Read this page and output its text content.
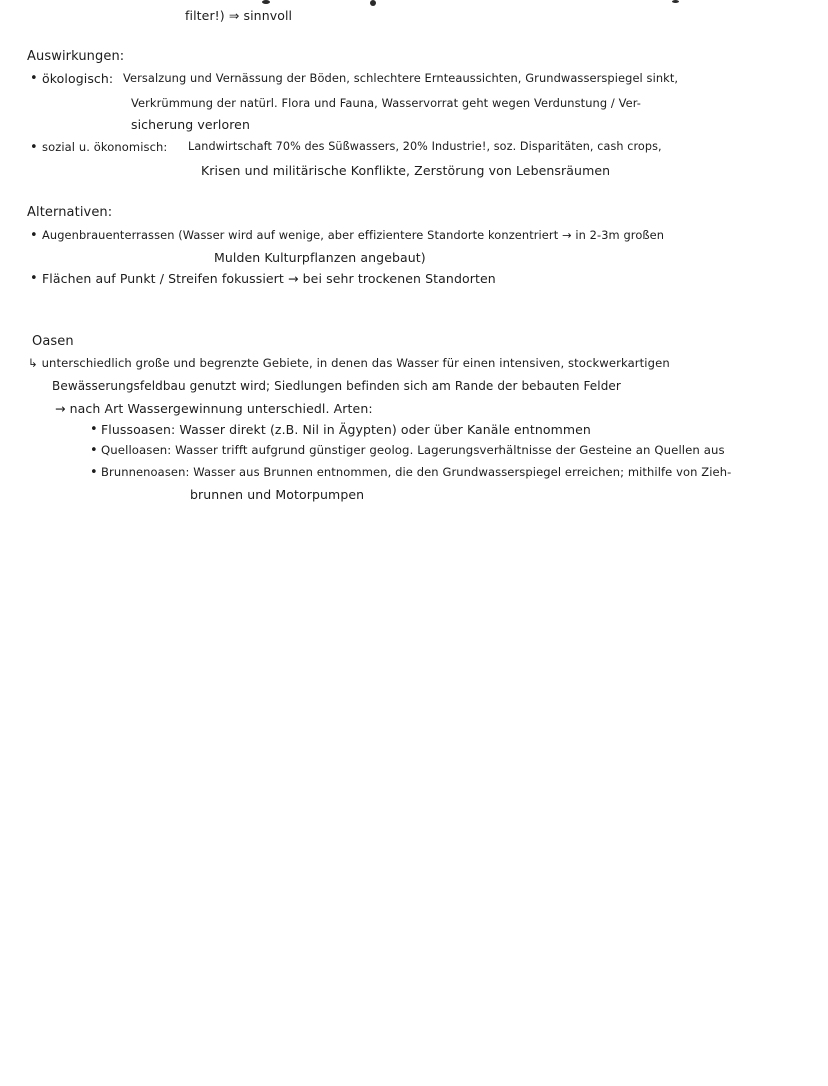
filter!) ⇒ sinnvoll
Auswirkungen:
• ökologisch: Versalzung und Vernässung der Böden, schlechtere Ernteaussichten, Grundwasserspiegel sinkt,
Verkrümmung der natürl. Flora und Fauna, Wasservorrat geht wegen Verdunstung / Ver-
sicherung verloren
• sozial u. ökonomisch: Landwirtschaft 70% des Süßwassers, 20% Industrie!, soz. Disparitäten, cash crops,
Krisen und militärische Konflikte, Zerstörung von Lebensräumen
Alternativen:
• Augenbrauenterrassen (Wasser wird auf wenige, aber effizientere Standorte konzentriert → in 2-3m großen
Mulden Kulturpflanzen angebaut)
• Flächen auf Punkt / Streifen fokussiert → bei sehr trockenen Standorten
Oasen
↳ unterschiedlich große und begrenzte Gebiete, in denen das Wasser für einen intensiven, stockwerkartigen
Bewässerungsfeldbau genutzt wird; Siedlungen befinden sich am Rande der bebauten Felder
→ nach Art Wassergewinnung unterschiedl. Arten:
• Flussoasen: Wasser direkt (z.B. Nil in Ägypten) oder über Kanäle entnommen
• Quelloasen: Wasser trifft aufgrund günstiger geolog. Lagerungsverhältnisse der Gesteine an Quellen aus
• Brunnenoasen: Wasser aus Brunnen entnommen, die den Grundwasserspiegel erreichen; mithilfe von Zieh-
brunnen und Motorpumpen
